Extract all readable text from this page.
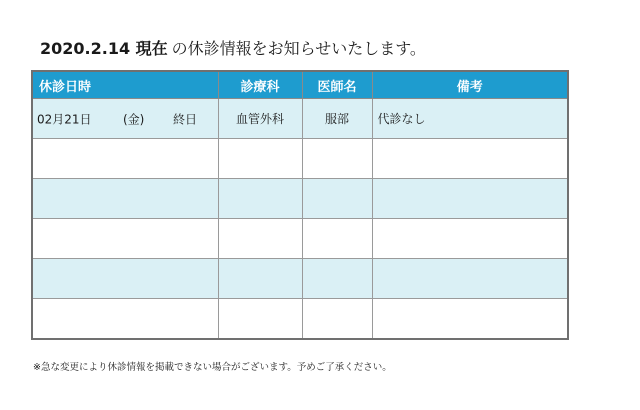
2020.2.14 現在 の休診情報をお知らせいたします。
休診日時	診療科	医師名	備考

02月21日 (金) 終日	血管外科	服部	代診なし

※急な変更により休診情報を掲載できない場合がございます。予めご了承ください。
